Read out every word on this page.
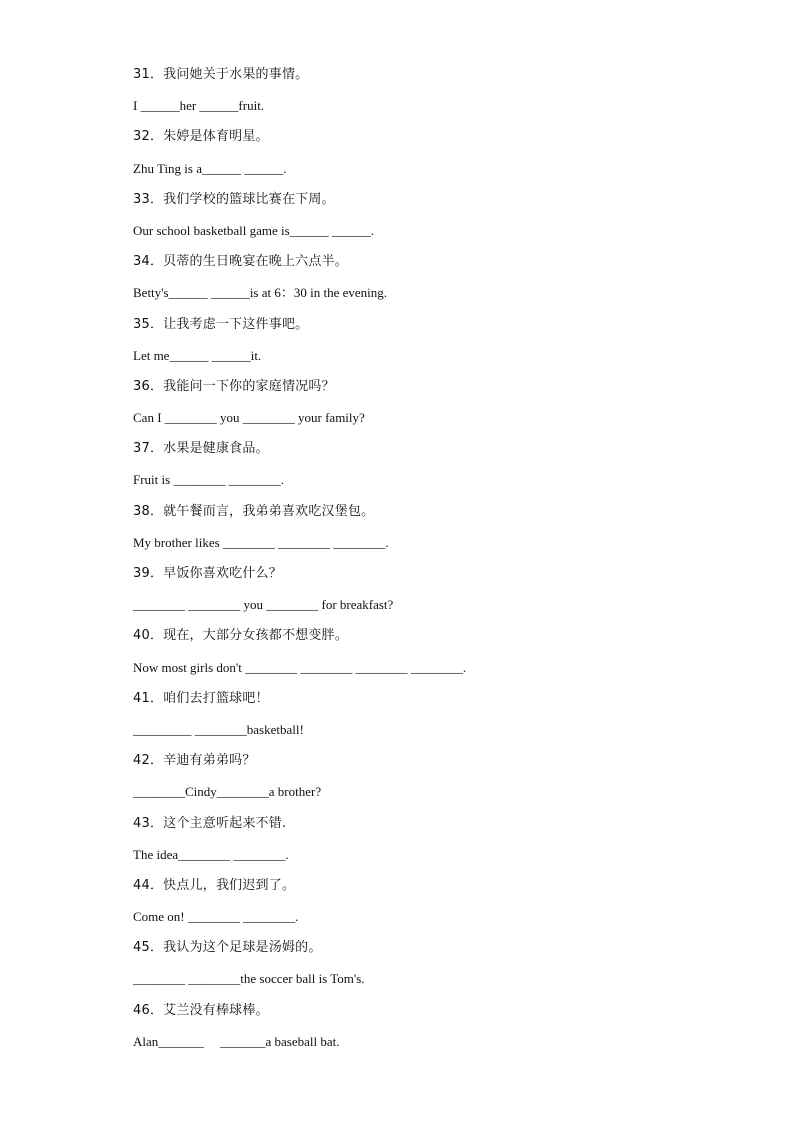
31．我问她关于水果的事情。
I ______her ______fruit.
32．朱婷是体育明星。
Zhu Ting is a______ ______.
33．我们学校的篮球比赛在下周。
Our school basketball game is______ ______.
34．贝蒂的生日晚宴在晚上六点半。
Betty's______ ______is at 6：30 in the evening.
35．让我考虑一下这件事吧。
Let me______ ______it.
36．我能问一下你的家庭情况吗？
Can I ________ you ________ your family?
37．水果是健康食品。
Fruit is ________ ________.
38．就午餐而言，我弟弟喜欢吃汉堡包。
My brother likes ________ ________ ________.
39．早饭你喜欢吃什么？
________ ________ you ________ for breakfast?
40．现在，大部分女孩都不想变胖。
Now most girls don't ________ ________ ________ ________.
41．咱们去打篮球吧！
_________ ________basketball!
42．辛迪有弟弟吗？
________Cindy________a brother?
43．这个主意听起来不错.
The idea________ ________.
44．快点儿，我们迟到了。
Come on! ________ ________.
45．我认为这个足球是汤姆的。
________ ________the soccer ball is Tom's.
46．艾兰没有棒球棒。
Alan_______     _______a baseball bat.
